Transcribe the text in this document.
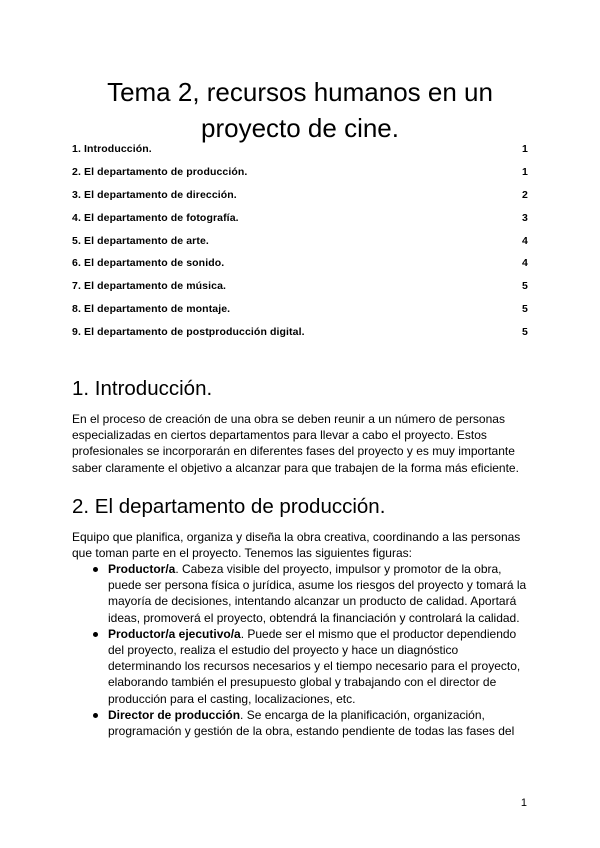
Tema 2, recursos humanos en un proyecto de cine.
1. Introducción.	1
2. El departamento de producción.	1
3. El departamento de dirección.	2
4. El departamento de fotografía.	3
5. El departamento de arte.	4
6. El departamento de sonido.	4
7. El departamento de música.	5
8. El departamento de montaje.	5
9. El departamento de postproducción digital.	5
1. Introducción.

En el proceso de creación de una obra se deben reunir a un número de personas especializadas en ciertos departamentos para llevar a cabo el proyecto. Estos profesionales se incorporarán en diferentes fases del proyecto y es muy importante saber claramente el objetivo a alcanzar para que trabajen de la forma más eficiente.

2. El departamento de producción.

Equipo que planifica, organiza y diseña la obra creativa, coordinando a las personas que toman parte en el proyecto. Tenemos las siguientes figuras:

Productor/a. Cabeza visible del proyecto, impulsor y promotor de la obra, puede ser persona física o jurídica, asume los riesgos del proyecto y tomará la mayoría de decisiones, intentando alcanzar un producto de calidad. Aportará ideas, promoverá el proyecto, obtendrá la financiación y controlará la calidad.
Productor/a ejecutivo/a. Puede ser el mismo que el productor dependiendo del proyecto, realiza el estudio del proyecto y hace un diagnóstico determinando los recursos necesarios y el tiempo necesario para el proyecto, elaborando también el presupuesto global y trabajando con el director de producción para el casting, localizaciones, etc.
Director de producción. Se encarga de la planificación, organización, programación y gestión de la obra, estando pendiente de todas las fases del
1
